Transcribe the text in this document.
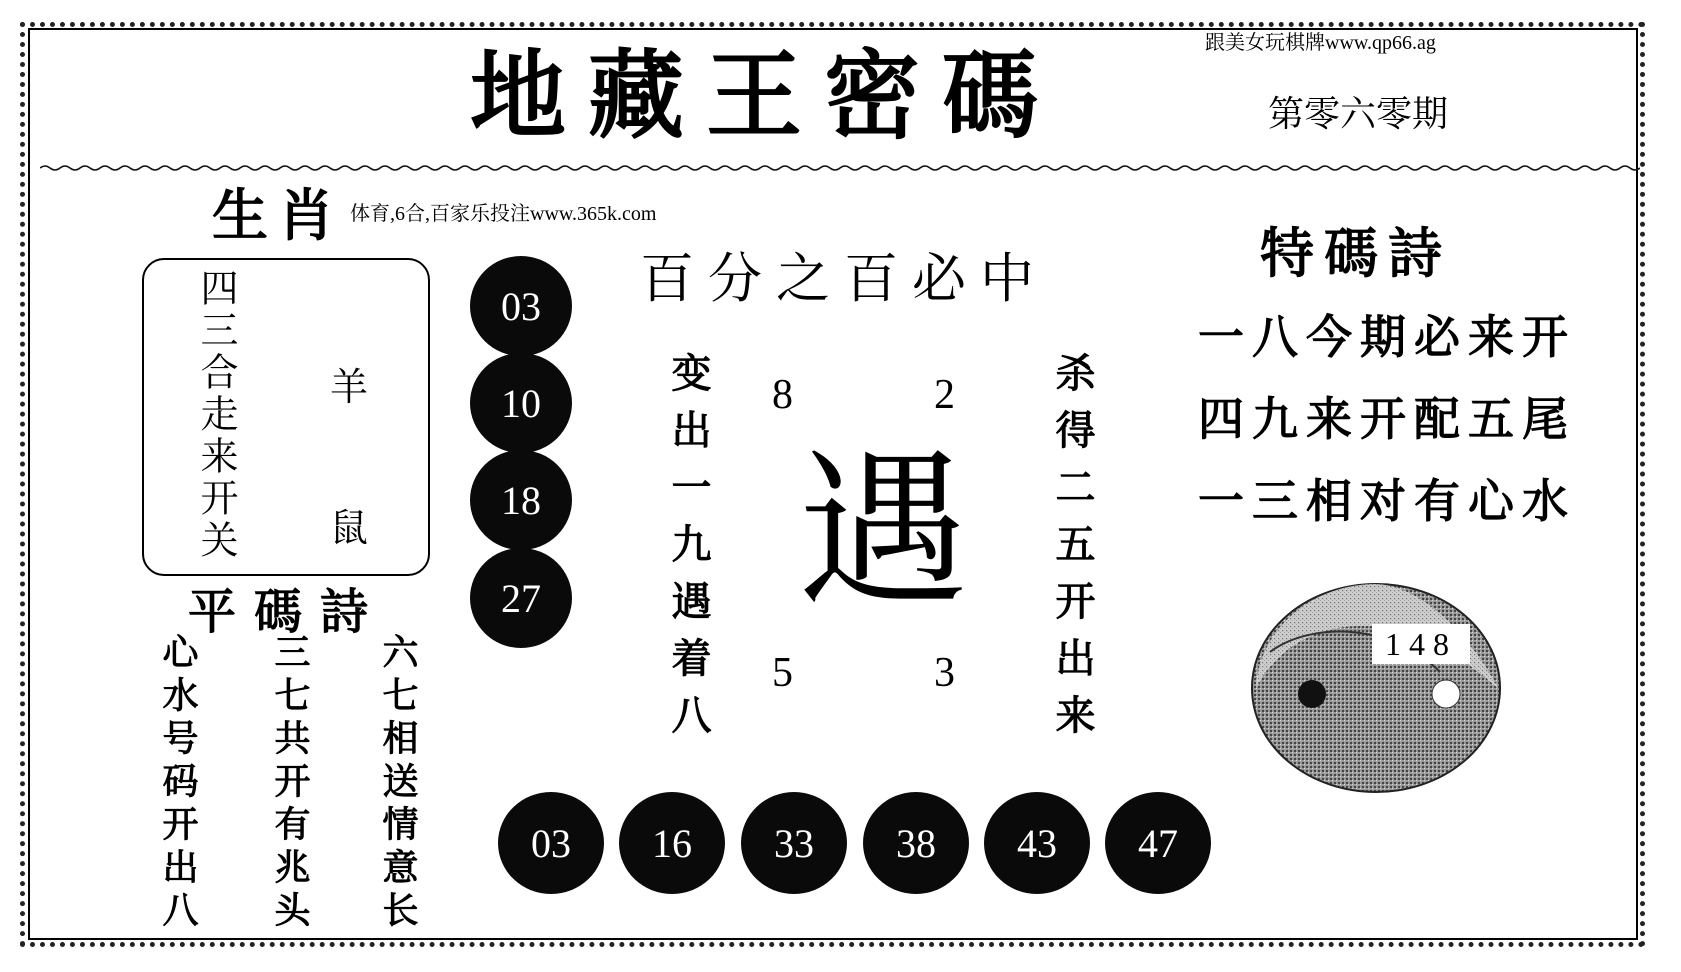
地藏王密碼	跟美女玩棋牌www.qp66.ag
第零六零期
生肖 体育,6合,百家乐投注www.365k.com
四三合走来开关 羊
鼠
平碼詩
心水号码开出八 三七共开有兆头 六七相送情意长
03
10
18
27
百分之百必中
变出一九遇着八	杀得二五开出来
8	2
遇
5	3
03	16	33	38	43	47
特碼詩
一八今期必来开
四九来开配五尾
一三相对有心水
148
